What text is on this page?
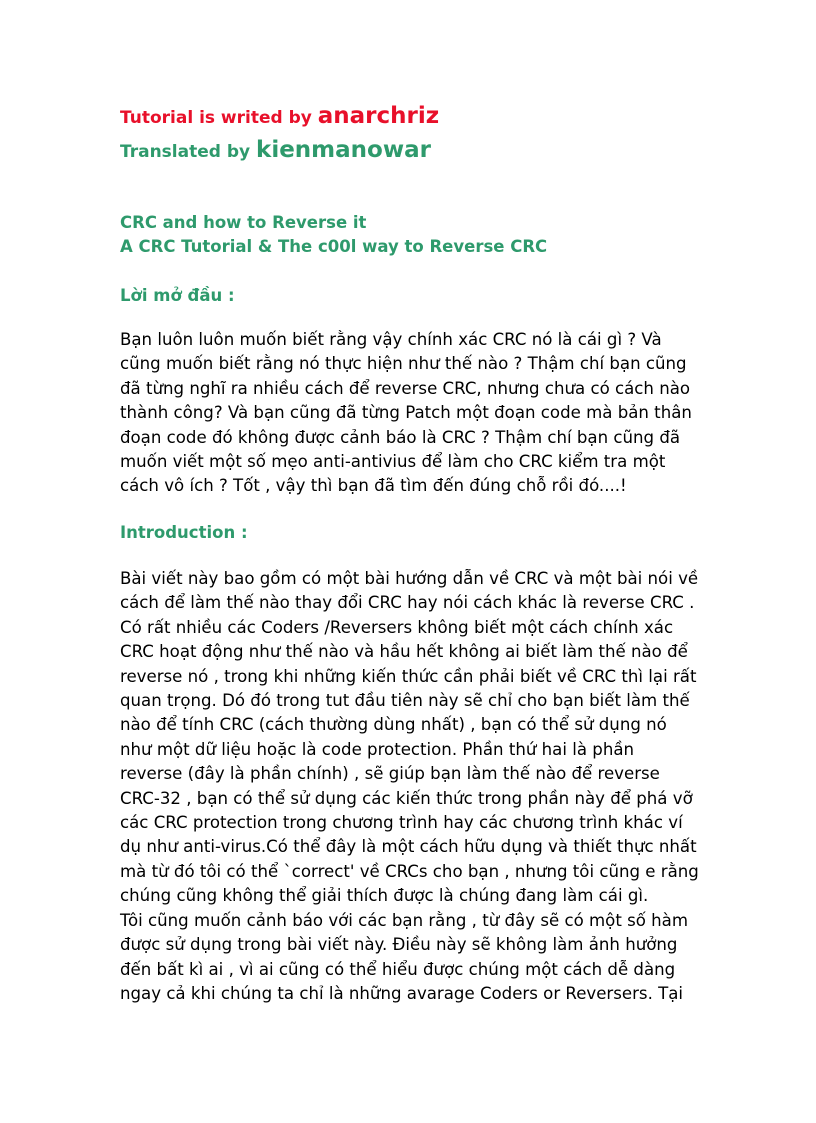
Tutorial is writed by anarchriz
Translated by kienmanowar
CRC and how to Reverse it
A CRC Tutorial & The c00l way to Reverse CRC
Lời mở đầu :
Bạn luôn luôn muốn biết rằng vậy chính xác CRC nó là cái gì ? Và
cũng muốn biết rằng nó thực hiện như thế nào ? Thậm chí bạn cũng
đã từng nghĩ ra nhiều cách để reverse CRC, nhưng chưa có cách nào
thành công? Và bạn cũng đã từng Patch một đoạn code mà bản thân
đoạn code đó không được cảnh báo là CRC ? Thậm chí bạn cũng đã
muốn viết một số mẹo anti-antivius để làm cho CRC kiểm tra một
cách vô ích ? Tốt , vậy thì bạn đã tìm đến đúng chỗ rồi đó....!
Introduction :
Bài viết này bao gồm có một bài hướng dẫn về CRC và một bài nói về
cách để làm thế nào thay đổi CRC hay nói cách khác là reverse CRC .
Có rất nhiều các Coders /Reversers không biết một cách chính xác
CRC hoạt động như thế nào và hầu hết không ai biết làm thế nào để
reverse nó , trong khi những kiến thức cần phải biết về CRC thì lại rất
quan trọng. Dó đó trong tut đầu tiên này sẽ chỉ cho bạn biết làm thế
nào để tính CRC (cách thường dùng nhất) , bạn có thể sử dụng nó
như một dữ liệu hoặc là code protection. Phần thứ hai là phần
reverse (đây là phần chính) , sẽ giúp bạn làm thế nào để reverse
CRC-32 , bạn có thể sử dụng các kiến thức trong phần này để phá vỡ
các CRC protection trong chương trình hay các chương trình khác ví
dụ như anti-virus.Có thể đây là một cách hữu dụng và thiết thực nhất
mà từ đó tôi có thể `correct' về CRCs cho bạn , nhưng tôi cũng e rằng
chúng cũng không thể giải thích được là chúng đang làm cái gì.
Tôi cũng muốn cảnh báo với các bạn rằng , từ đây sẽ có một số hàm
được sử dụng trong bài viết này. Điều này sẽ không làm ảnh hưởng
đến bất kì ai , vì ai cũng có thể hiểu được chúng một cách dễ dàng
ngay cả khi chúng ta chỉ là những avarage Coders or Reversers. Tại
